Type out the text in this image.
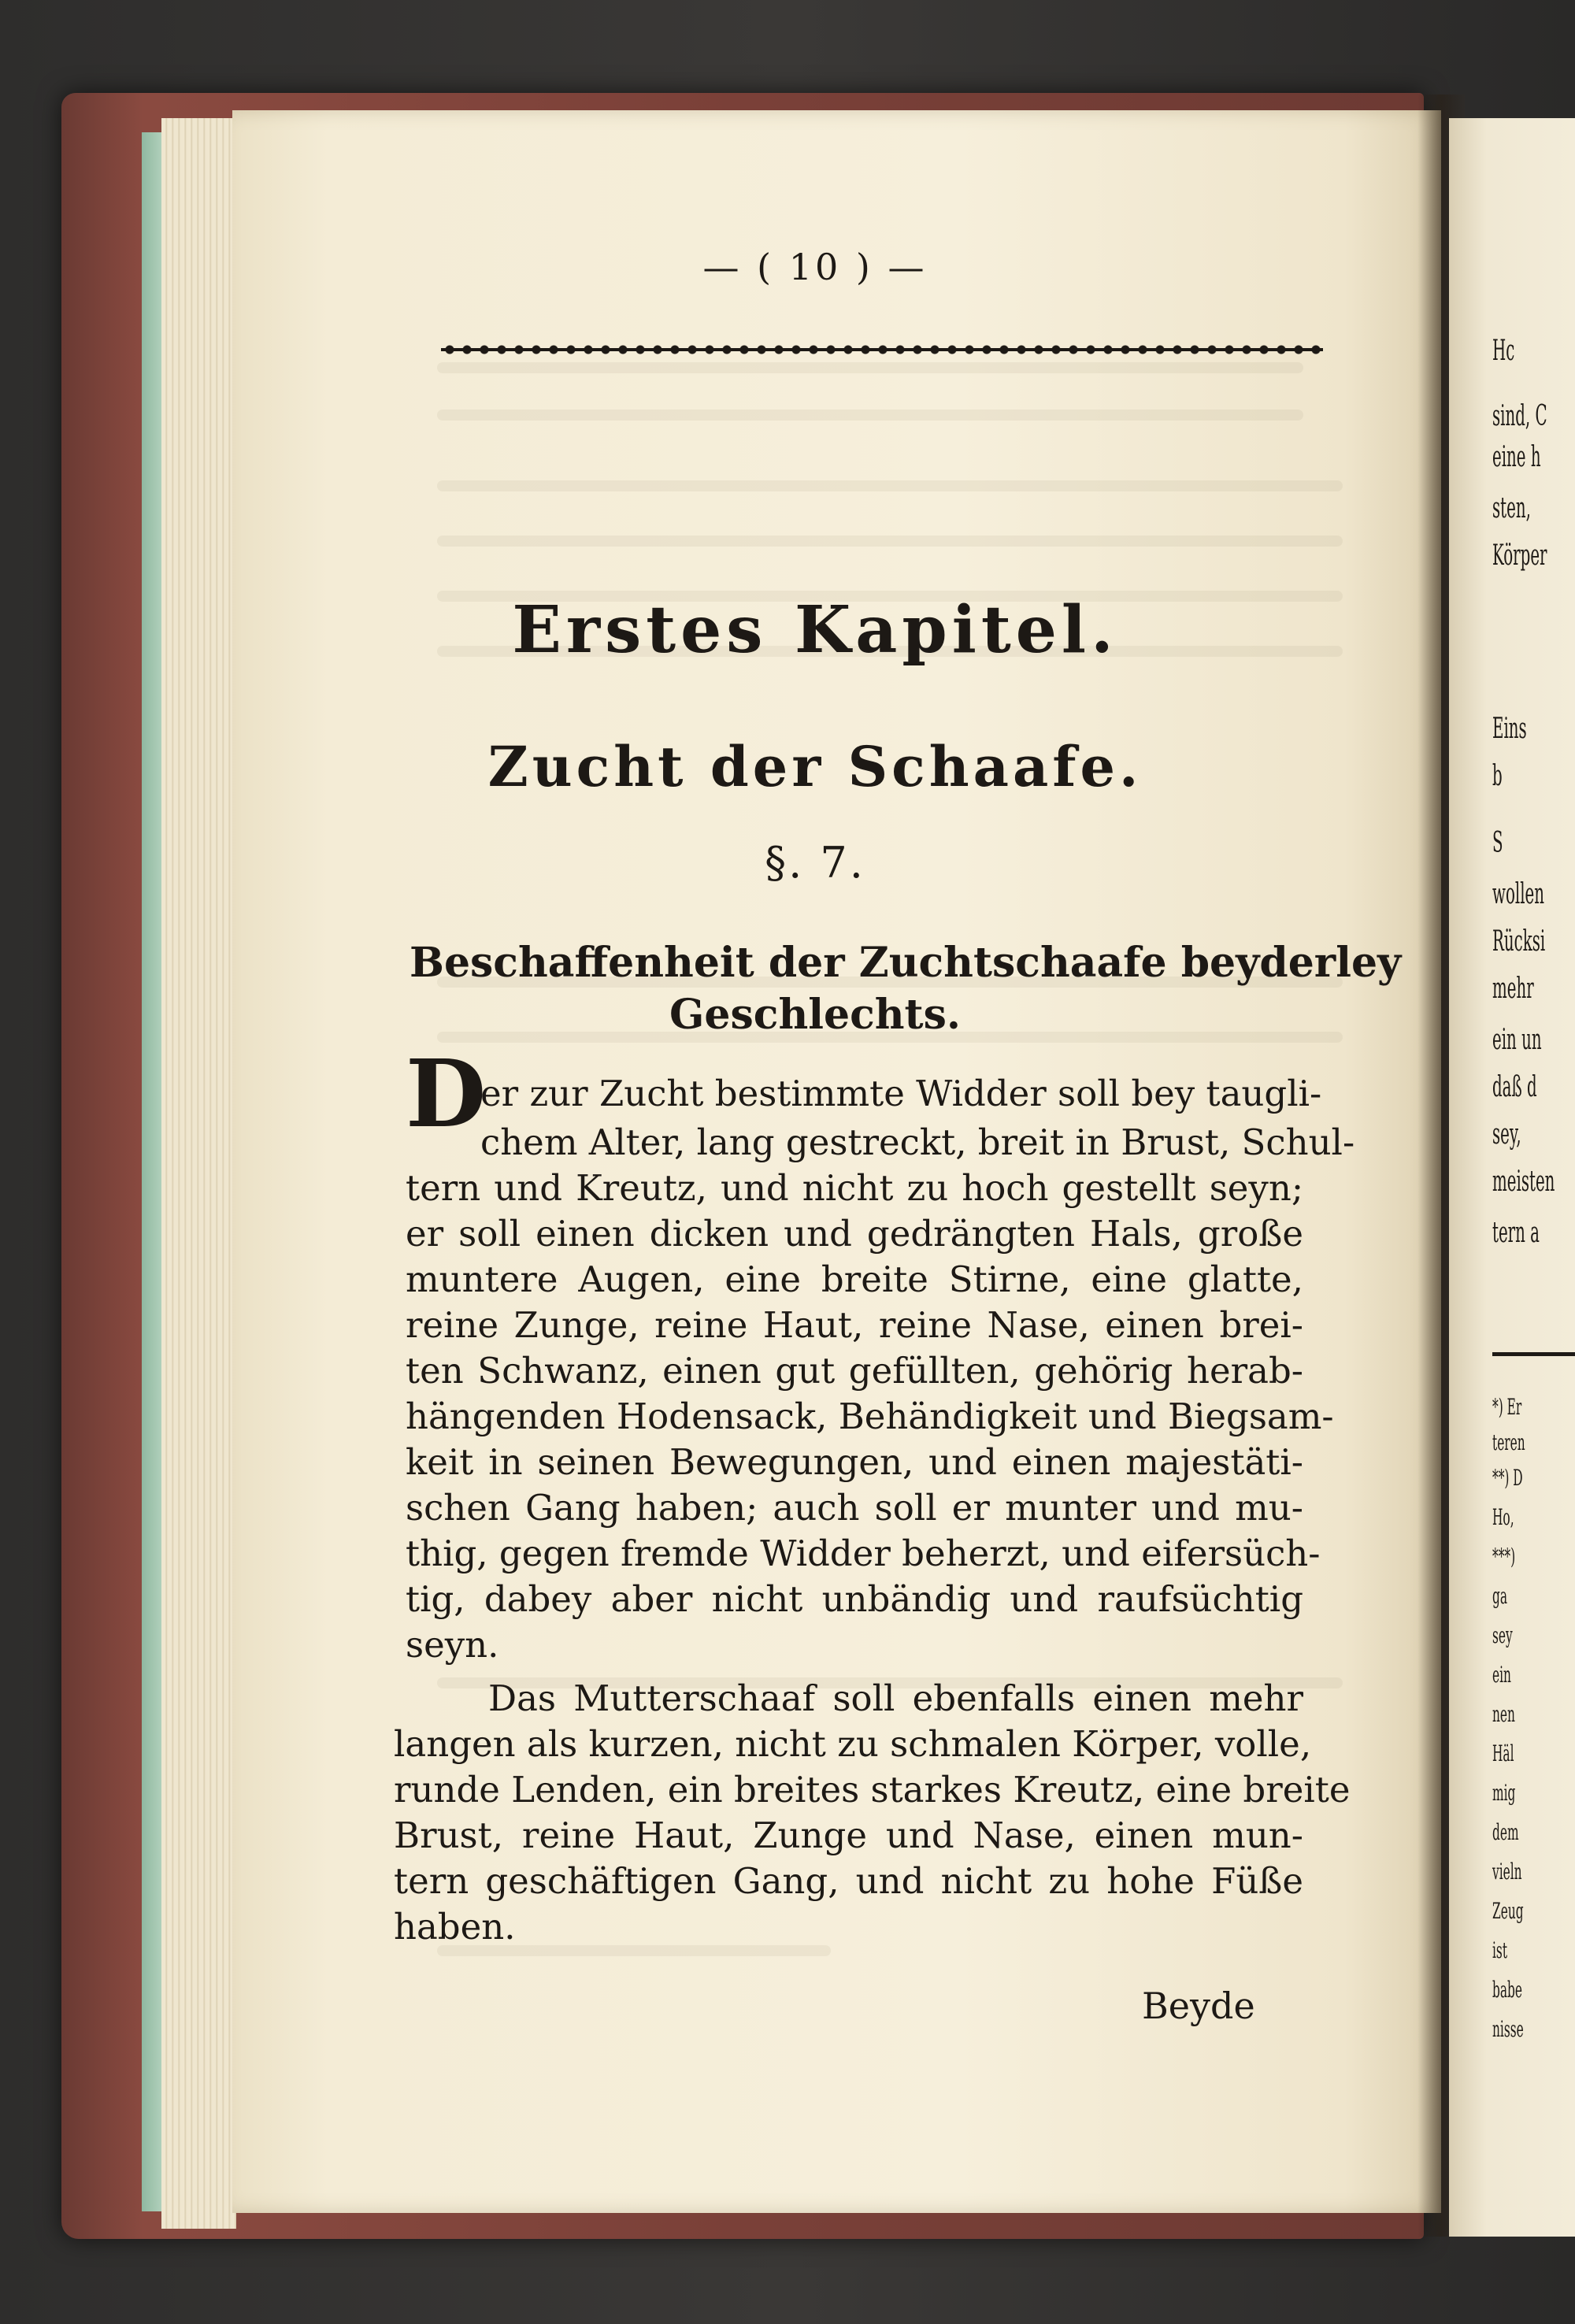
— ( 10 ) —
Erstes Kapitel.
Zucht der Schaafe.
§. 7.
Beschaffenheit der Zuchtschaafe beyderley
Geschlechts.
D
er zur Zucht bestimmte Widder soll bey taugli-
chem Alter, lang gestreckt, breit in Brust, Schul-
tern und Kreutz, und nicht zu hoch gestellt seyn;
er soll einen dicken und gedrängten Hals, große
muntere Augen, eine breite Stirne, eine glatte,
reine Zunge, reine Haut, reine Nase, einen brei-
ten Schwanz, einen gut gefüllten, gehörig herab-
hängenden Hodensack, Behändigkeit und Biegsam-
keit in seinen Bewegungen, und einen majestäti-
schen Gang haben; auch soll er munter und mu-
thig, gegen fremde Widder beherzt, und eifersüch-
tig, dabey aber nicht unbändig und raufsüchtig
seyn.
Das Mutterschaaf soll ebenfalls einen mehr
langen als kurzen, nicht zu schmalen Körper, volle,
runde Lenden, ein breites starkes Kreutz, eine breite
Brust, reine Haut, Zunge und Nase, einen mun-
tern geschäftigen Gang, und nicht zu hohe Füße
haben.
Beyde
Hc
sind, C
eine h
sten,
Körper
Eins
b
S
wollen
Rücksi
mehr
ein un
daß d
sey,
meisten
tern a
*) Er
teren
**) D
Ho,
***)
ga
sey
ein
nen
Häl
mig
dem
vieln
Zeug
ist
babe
nisse
